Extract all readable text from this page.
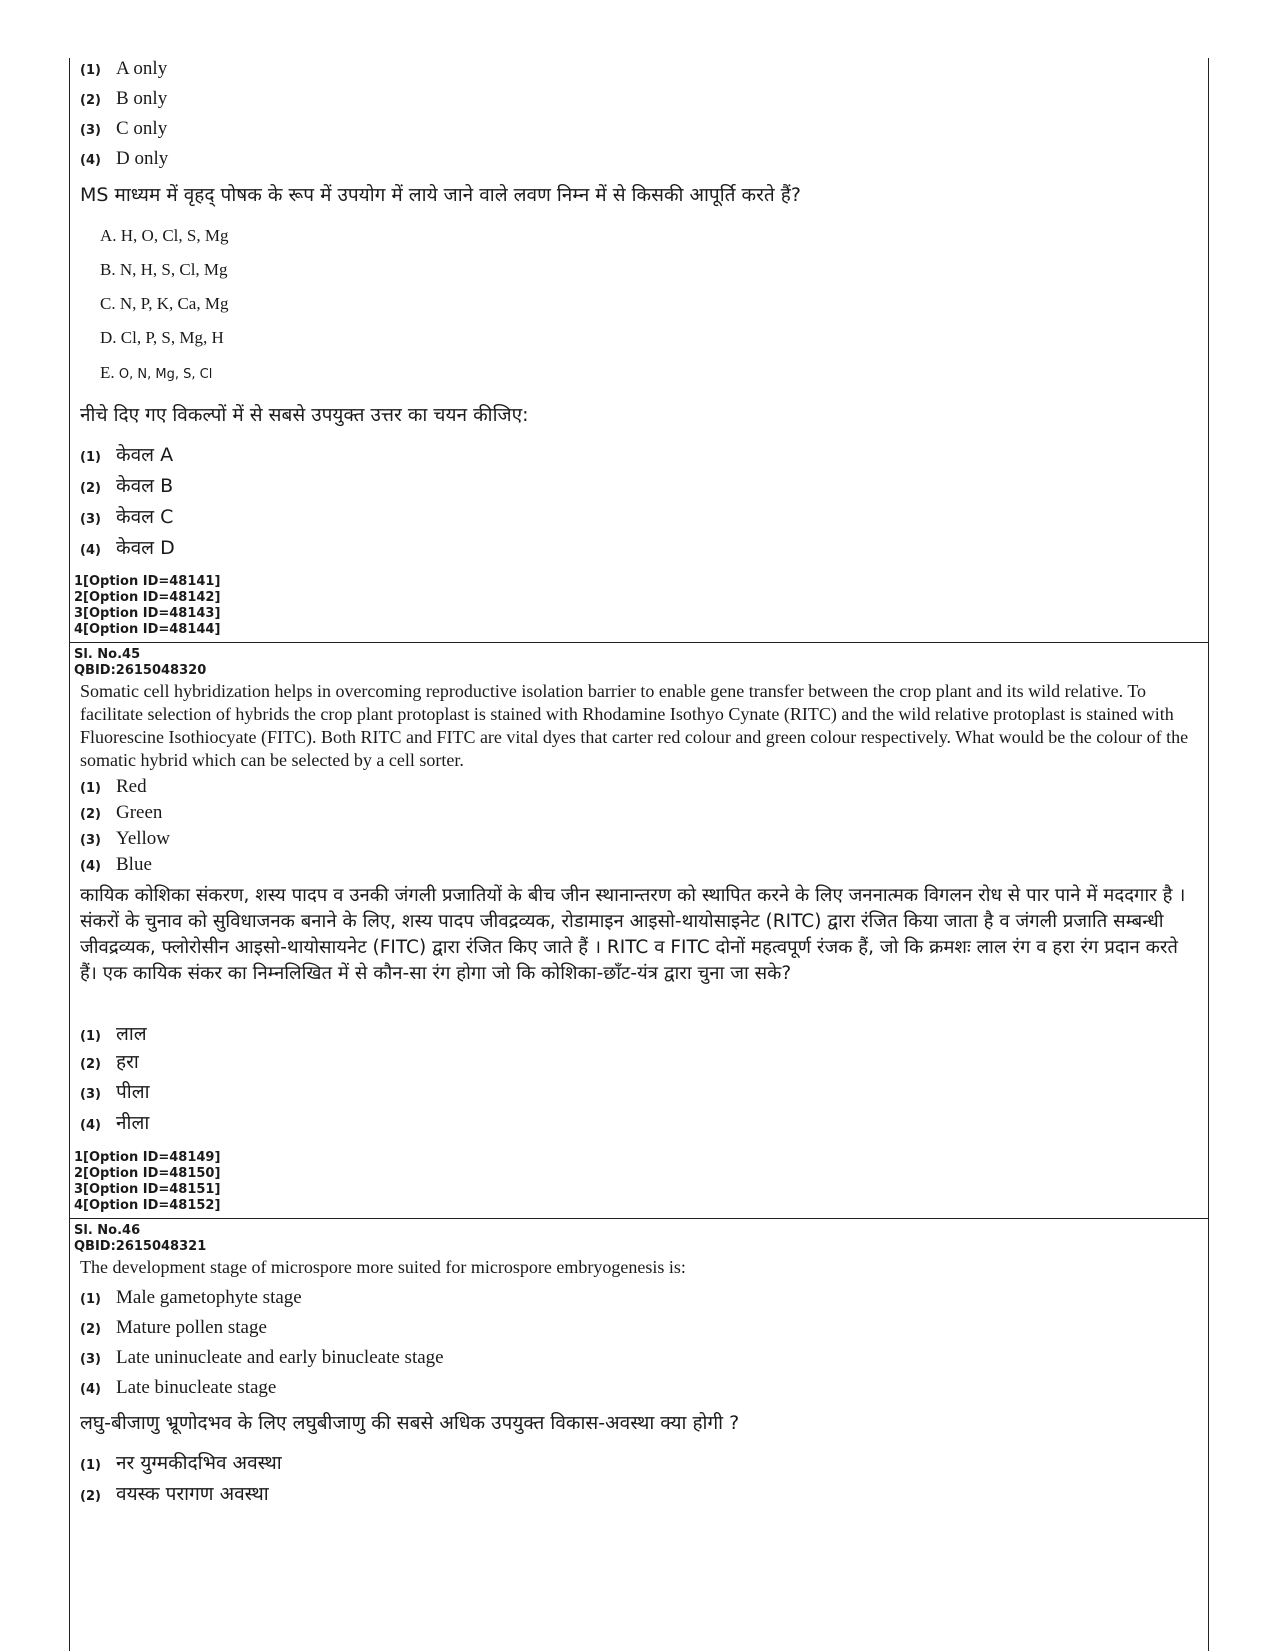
(1) A only
(2) B only
(3) C only
(4) D only
MS माध्यम में वृहद् पोषक के रूप में उपयोग में लाये जाने वाले लवण निम्न में से किसकी आपूर्ति करते हैं?
A. H, O, Cl, S, Mg
B. N, H, S, Cl, Mg
C. N, P, K, Ca, Mg
D. Cl, P, S, Mg, H
E. O, N, Mg, S, Cl
नीचे दिए गए विकल्पों में से सबसे उपयुक्त उत्तर का चयन कीजिए:
(1) केवल A
(2) केवल B
(3) केवल C
(4) केवल D
1[Option ID=48141]
2[Option ID=48142]
3[Option ID=48143]
4[Option ID=48144]
Sl. No.45
QBID:2615048320
Somatic cell hybridization helps in overcoming reproductive isolation barrier to enable gene transfer between the crop plant and its wild relative. To facilitate selection of hybrids the crop plant protoplast is stained with Rhodamine Isothyo Cynate (RITC) and the wild relative protoplast is stained with Fluorescine Isothiocyate (FITC). Both RITC and FITC are vital dyes that carter red colour and green colour respectively. What would be the colour of the somatic hybrid which can be selected by a cell sorter.
(1) Red
(2) Green
(3) Yellow
(4) Blue
कायिक कोशिका संकरण, शस्य पादप व उनकी जंगली प्रजातियों के बीच जीन स्थानान्तरण को स्थापित करने के लिए जननात्मक विगलन रोध से पार पाने में मददगार है । संकरों के चुनाव को सुविधाजनक बनाने के लिए, शस्य पादप जीवद्रव्यक, रोडामाइन आइसो-थायोसाइनेट (RITC) द्वारा रंजित किया जाता है व जंगली प्रजाति सम्बन्धी जीवद्रव्यक, फ्लोरोसीन आइसो-थायोसायनेट (FITC) द्वारा रंजित किए जाते हैं । RITC व FITC दोनों महत्वपूर्ण रंजक हैं, जो कि क्रमशः लाल रंग व हरा रंग प्रदान करते हैं। एक कायिक संकर का निम्नलिखित में से कौन-सा रंग होगा जो कि कोशिका-छाँट-यंत्र द्वारा चुना जा सके?
(1) लाल
(2) हरा
(3) पीला
(4) नीला
1[Option ID=48149]
2[Option ID=48150]
3[Option ID=48151]
4[Option ID=48152]
Sl. No.46
QBID:2615048321
The development stage of microspore more suited for microspore embryogenesis is:
(1) Male gametophyte stage
(2) Mature pollen stage
(3) Late uninucleate and early binucleate stage
(4) Late binucleate stage
लघु-बीजाणु भ्रूणोदभव के लिए लघुबीजाणु की सबसे अधिक उपयुक्त विकास-अवस्था क्या होगी ?
(1) नर युग्मकीदभिव अवस्था
(2) वयस्क परागण अवस्था
